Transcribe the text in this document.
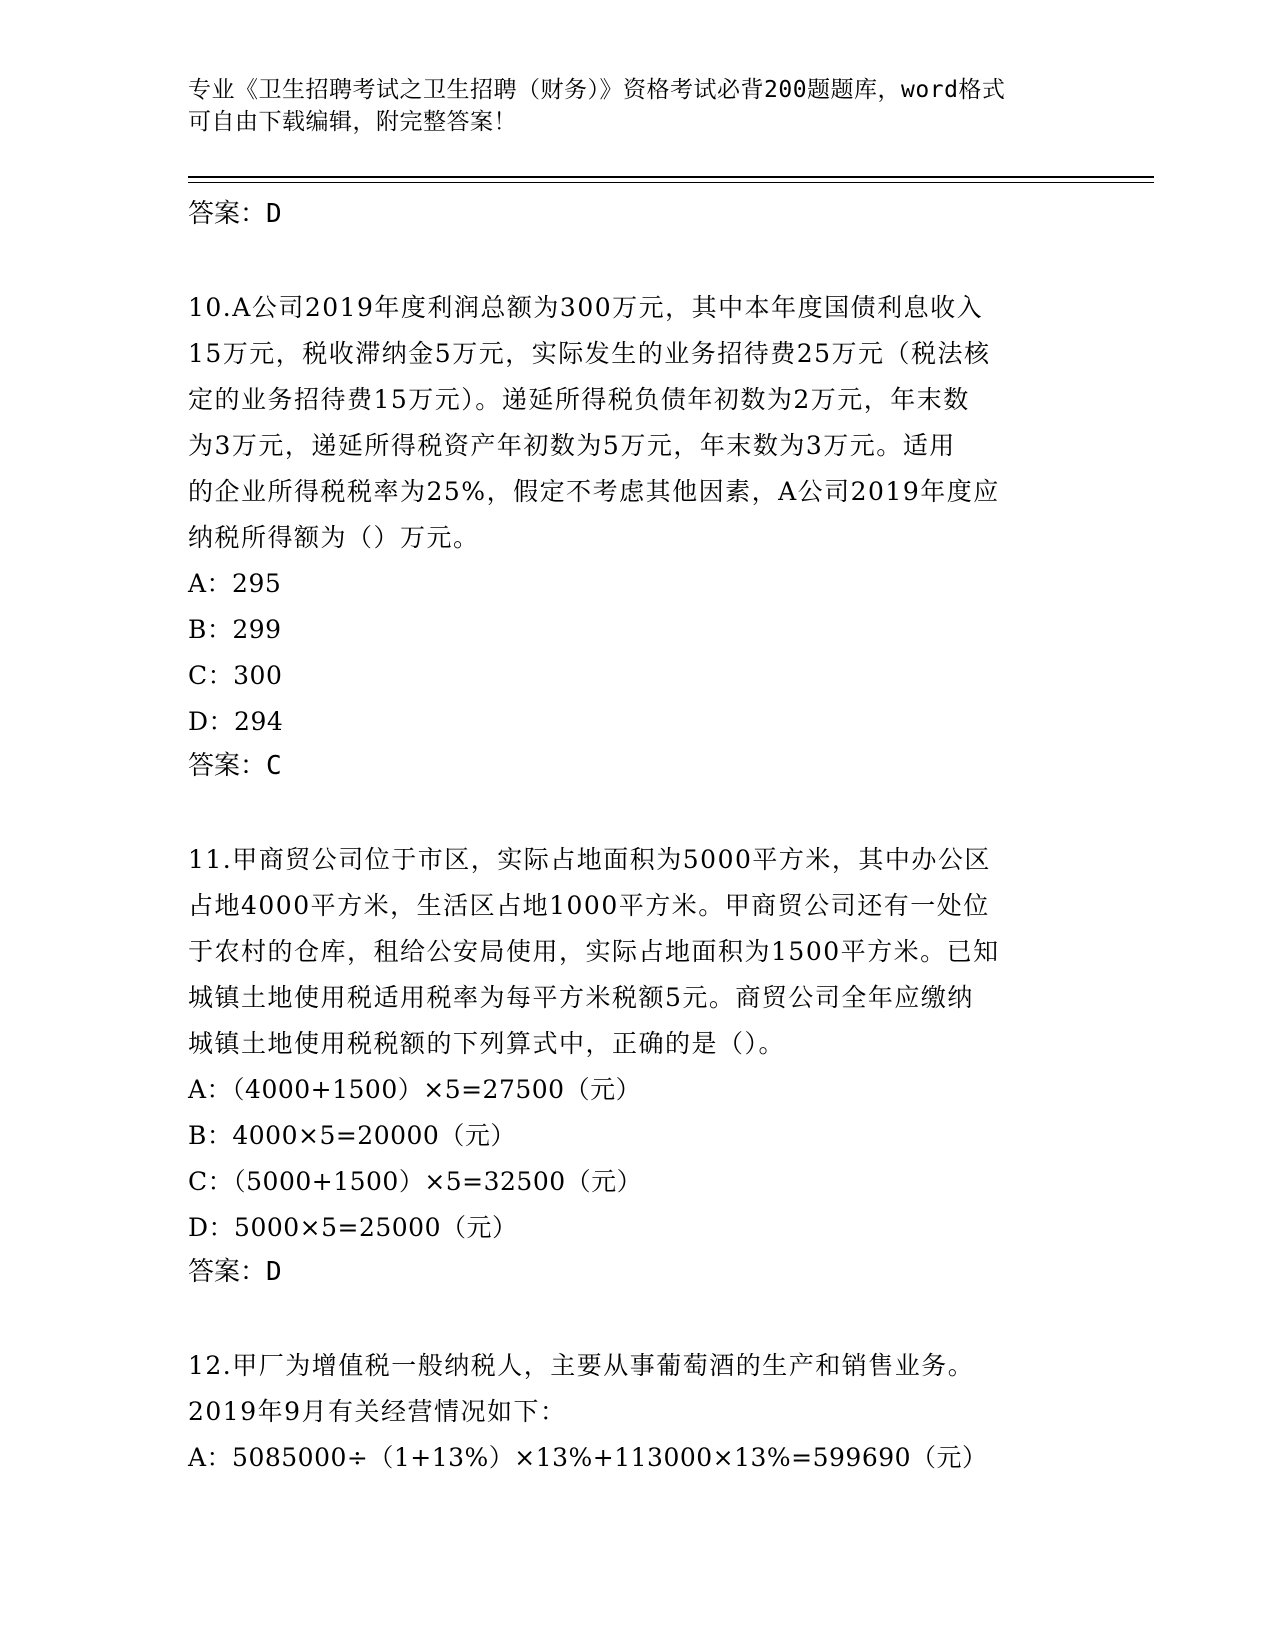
专业《卫生招聘考试之卫生招聘（财务）》资格考试必背200题题库，word格式
可自由下载编辑，附完整答案！

答案：D

10.A公司2019年度利润总额为300万元，其中本年度国债利息收入

15万元，税收滞纳金5万元，实际发生的业务招待费25万元（税法核

定的业务招待费15万元）。递延所得税负债年初数为2万元，年末数

为3万元，递延所得税资产年初数为5万元，年末数为3万元。适用

的企业所得税税率为25%，假定不考虑其他因素，A公司2019年度应

纳税所得额为（）万元。

A：295

B：299

C：300

D：294

答案：C

11.甲商贸公司位于市区，实际占地面积为5000平方米，其中办公区

占地4000平方米，生活区占地1000平方米。甲商贸公司还有一处位

于农村的仓库，租给公安局使用，实际占地面积为1500平方米。已知

城镇土地使用税适用税率为每平方米税额5元。商贸公司全年应缴纳

城镇土地使用税税额的下列算式中，正确的是（）。

A：（4000+1500）×5=27500（元）

B：4000×5=20000（元）

C：（5000+1500）×5=32500（元）

D：5000×5=25000（元）

答案：D

12.甲厂为增值税一般纳税人，主要从事葡萄酒的生产和销售业务。

2019年9月有关经营情况如下：

A：5085000÷（1+13%）×13%+113000×13%=599690（元）
